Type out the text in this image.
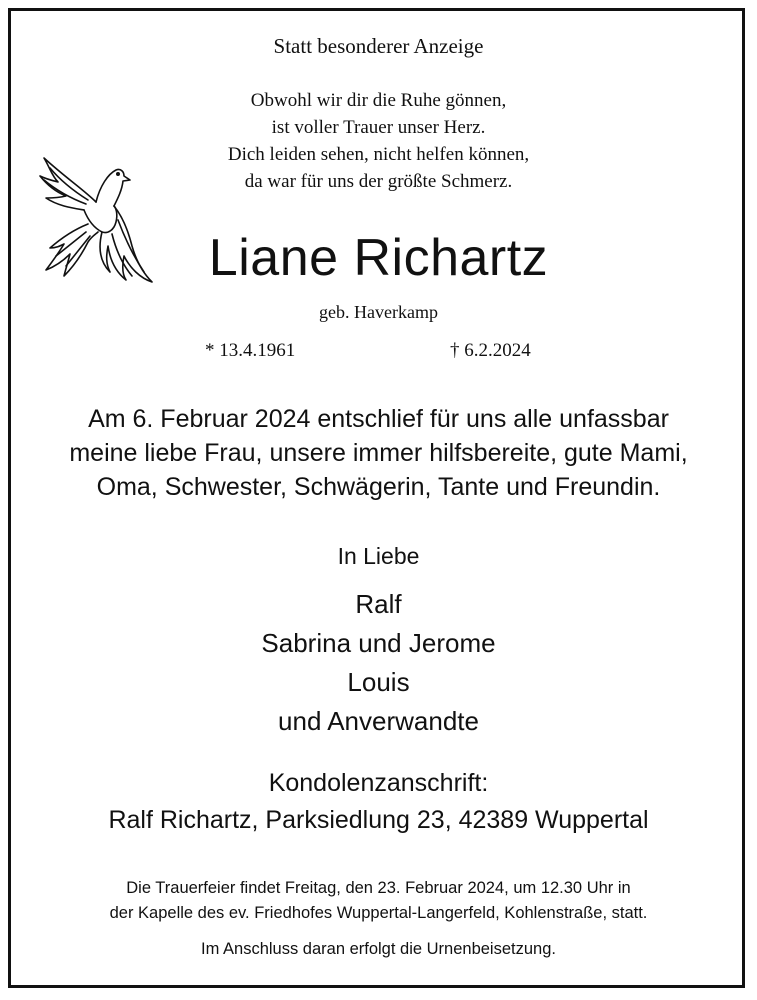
Statt besonderer Anzeige

Obwohl wir dir die Ruhe gönnen,
ist voller Trauer unser Herz.
Dich leiden sehen, nicht helfen können,
da war für uns der größte Schmerz.
Liane Richartz

geb. Haverkamp

* 13.4.1961	† 6.2.2024
Am 6. Februar 2024 entschlief für uns alle unfassbar
meine liebe Frau, unsere immer hilfsbereite, gute Mami,
Oma, Schwester, Schwägerin, Tante und Freundin.

In Liebe

Ralf
Sabrina und Jerome
Louis
und Anverwandte
Kondolenzanschrift:
Ralf Richartz, Parksiedlung 23, 42389 Wuppertal
Die Trauerfeier findet Freitag, den 23. Februar 2024, um 12.30 Uhr in
der Kapelle des ev. Friedhofes Wuppertal-Langerfeld, Kohlenstraße, statt.

Im Anschluss daran erfolgt die Urnenbeisetzung.
